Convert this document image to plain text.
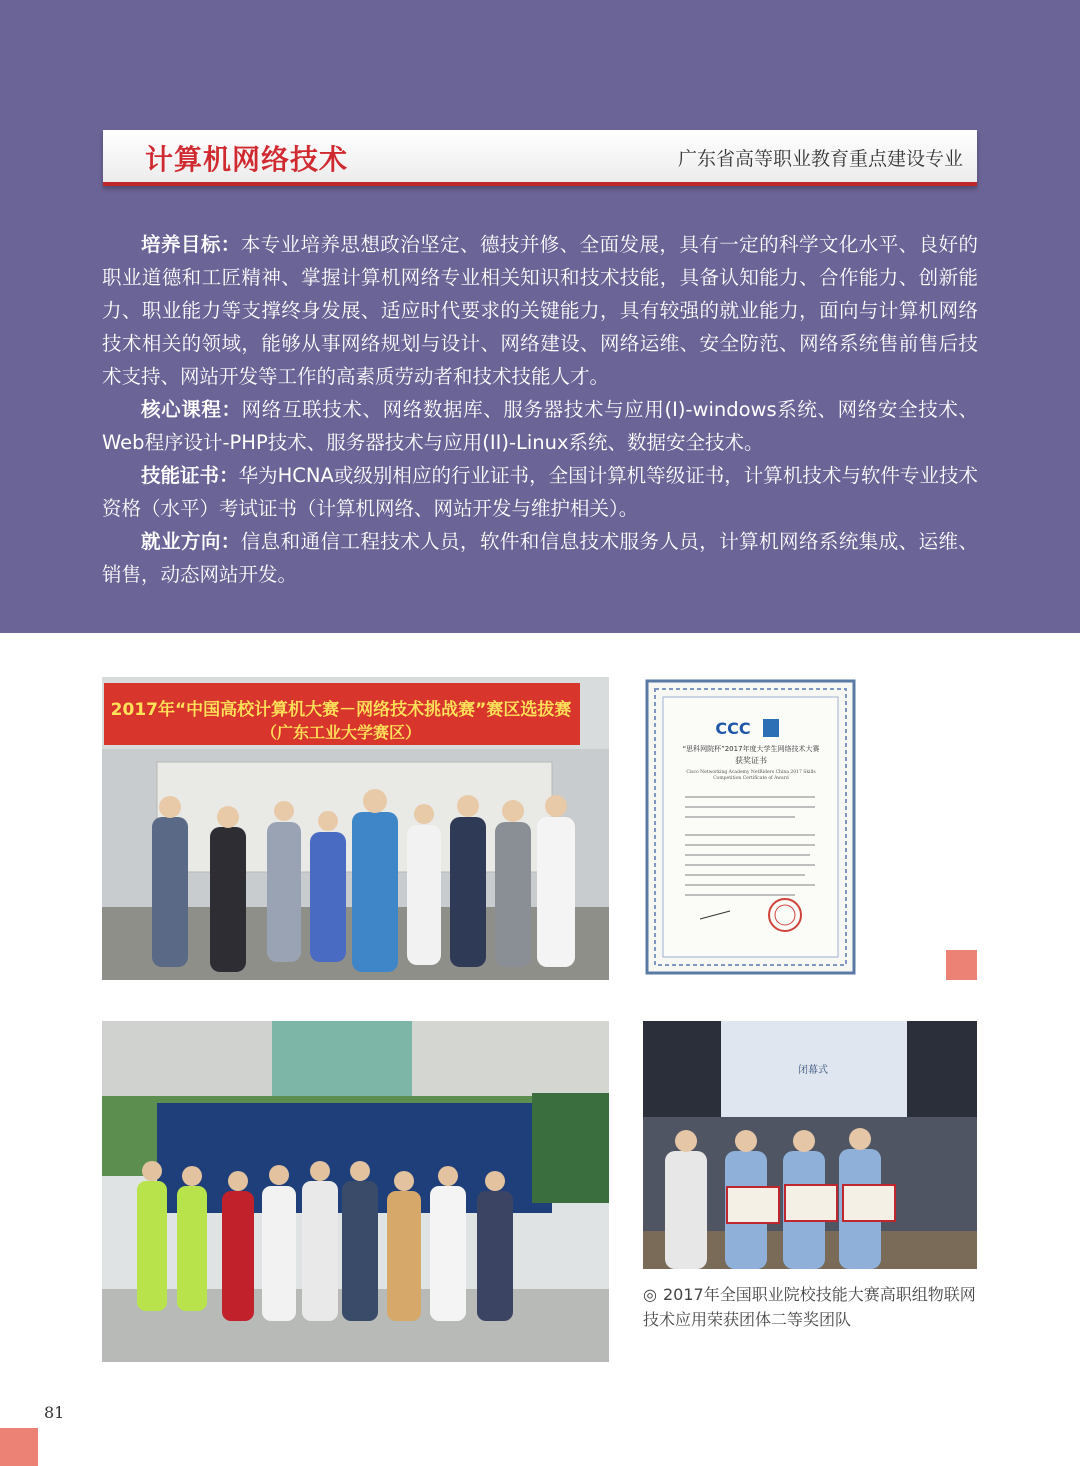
计算机网络技术	广东省高等职业教育重点建设专业

培养目标：本专业培养思想政治坚定、德技并修、全面发展，具有一定的科学文化水平、良好的职业道德和工匠精神、掌握计算机网络专业相关知识和技术技能，具备认知能力、合作能力、创新能力、职业能力等支撑终身发展、适应时代要求的关键能力，具有较强的就业能力，面向与计算机网络技术相关的领域，能够从事网络规划与设计、网络建设、网络运维、安全防范、网络系统售前售后技术支持、网站开发等工作的高素质劳动者和技术技能人才。

核心课程：网络互联技术、网络数据库、服务器技术与应用(I)-windows系统、网络安全技术、Web程序设计-PHP技术、服务器技术与应用(II)-Linux系统、数据安全技术。

技能证书：华为HCNA或级别相应的行业证书，全国计算机等级证书，计算机技术与软件专业技术资格（水平）考试证书（计算机网络、网站开发与维护相关）。

就业方向：信息和通信工程技术人员，软件和信息技术服务人员，计算机网络系统集成、运维、销售，动态网站开发。

2017年“中国高校计算机大赛－网络技术挑战赛”赛区选拔赛
（广东工业大学赛区）	CCC
“思科网院杯”2017年度大学生网络技术大赛
获奖证书
Cisco Networking Academy NetRiders China 2017 Skills
Competition Certificate of Award
闭幕式
◎ 2017年全国职业院校技能大赛高职组物联网技术应用荣获团体二等奖团队
81
